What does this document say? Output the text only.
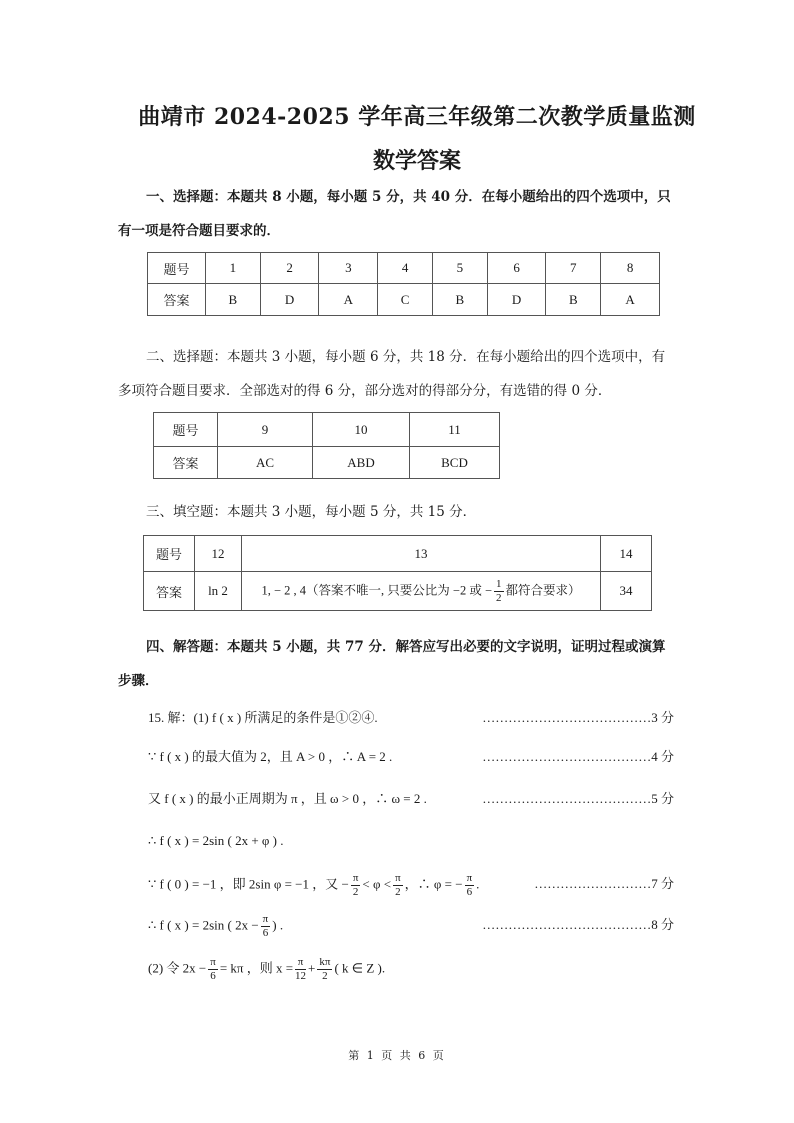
曲靖市 2024-2025 学年高三年级第二次教学质量监测
数学答案
一、选择题：本题共 8 小题，每小题 5 分，共 40 分．在每小题给出的四个选项中，只
有一项是符合题目要求的．
题号	1	2	3	4	5	6	7	8
答案	B	D	A	C	B	D	B	A
二、选择题：本题共 3 小题，每小题 6 分，共 18 分．在每小题给出的四个选项中，有
多项符合题目要求．全部选对的得 6 分，部分选对的得部分分，有选错的得 0 分．
题号	9	10	11
答案	AC	ABD	BCD
三、填空题：本题共 3 小题，每小题 5 分，共 15 分．
题号	12	13	14
答案	ln 2	1, − 2 , 4（答案不唯一, 只要公比为 −2 或 − $\frac{1}{2}$ 都符合要求）	34
四、解答题：本题共 5 小题，共 77 分．解答应写出必要的文字说明，证明过程或演算
步骤．
15. 解：(1) f ( x ) 所满足的条件是①②④.	…………………………………3 分
∵ f ( x ) 的最大值为 2，且 A > 0 ，∴ A = 2 .	…………………………………4 分
又 f ( x ) 的最小正周期为 π ，且 ω > 0 ，∴ ω = 2 .	…………………………………5 分
∴ f ( x ) = 2sin ( 2x + φ ) .
∵ f ( 0 ) = −1 ，即 2sin φ = −1 ，又 − $\frac{\pi}{2} < \varphi < \frac{\pi}{2}$ ，∴ φ = − $\frac{\pi}{6}$ .	………………………7 分
∴ f ( x ) = 2sin ( $2x - \frac{\pi}{6}$ ) .	…………………………………8 分
(2) 令 $2x - \frac{\pi}{6} = k\pi$ ，则 $x = \frac{\pi}{12} + \frac{k\pi}{2}$ ( k ∈ Z ).
第 1 页 共 6 页
